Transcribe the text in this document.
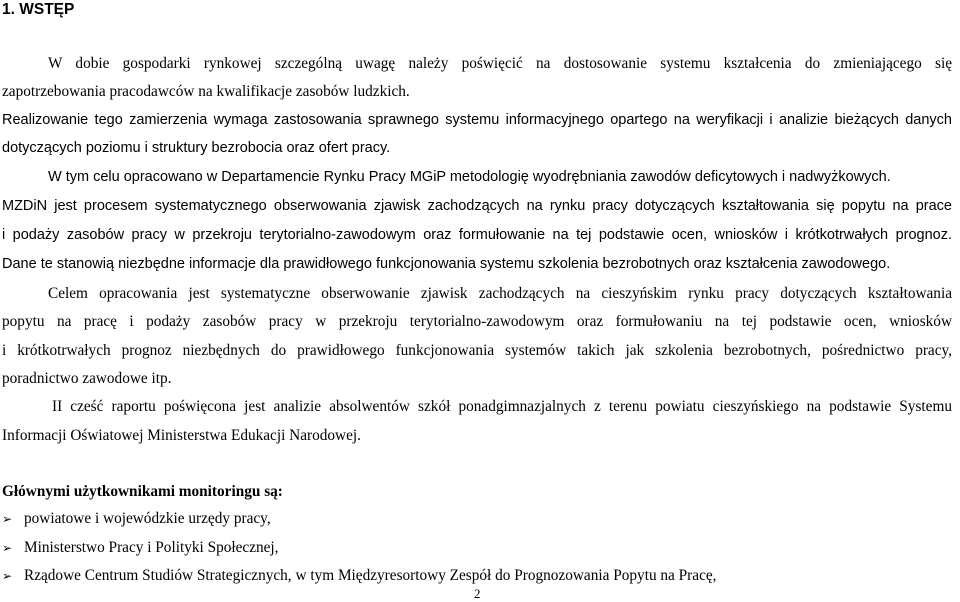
1. WSTĘP
W dobie gospodarki rynkowej szczególną uwagę należy poświęcić na dostosowanie systemu kształcenia do zmieniającego się
zapotrzebowania pracodawców na kwalifikacje zasobów ludzkich.
Realizowanie tego zamierzenia wymaga zastosowania sprawnego systemu informacyjnego opartego na weryfikacji i analizie bieżących danych
dotyczących poziomu i struktury bezrobocia oraz ofert pracy.
W tym celu opracowano w Departamencie Rynku Pracy MGiP metodologię wyodrębniania zawodów deficytowych i nadwyżkowych.
MZDiN jest procesem systematycznego obserwowania zjawisk zachodzących na rynku pracy dotyczących kształtowania się popytu na prace
i podaży zasobów pracy w przekroju terytorialno-zawodowym oraz formułowanie na tej podstawie ocen, wniosków i krótkotrwałych prognoz.
Dane te stanowią niezbędne informacje dla prawidłowego funkcjonowania systemu szkolenia bezrobotnych oraz kształcenia zawodowego.
Celem opracowania jest systematyczne obserwowanie zjawisk zachodzących na cieszyńskim rynku pracy dotyczących kształtowania
popytu na pracę i podaży zasobów pracy w przekroju terytorialno-zawodowym oraz formułowaniu na tej podstawie ocen, wniosków
i krótkotrwałych prognoz niezbędnych do prawidłowego funkcjonowania systemów takich jak szkolenia bezrobotnych, pośrednictwo pracy,
poradnictwo zawodowe itp.
II cześć raportu poświęcona jest analizie absolwentów szkół ponadgimnazjalnych z terenu powiatu cieszyńskiego na podstawie Systemu
Informacji Oświatowej Ministerstwa Edukacji Narodowej.
Głównymi użytkownikami monitoringu są:
➢ powiatowe i wojewódzkie urzędy pracy,
➢ Ministerstwo Pracy i Polityki Społecznej,
➢ Rządowe Centrum Studiów Strategicznych, w tym Międzyresortowy Zespół do Prognozowania Popytu na Pracę,
2
